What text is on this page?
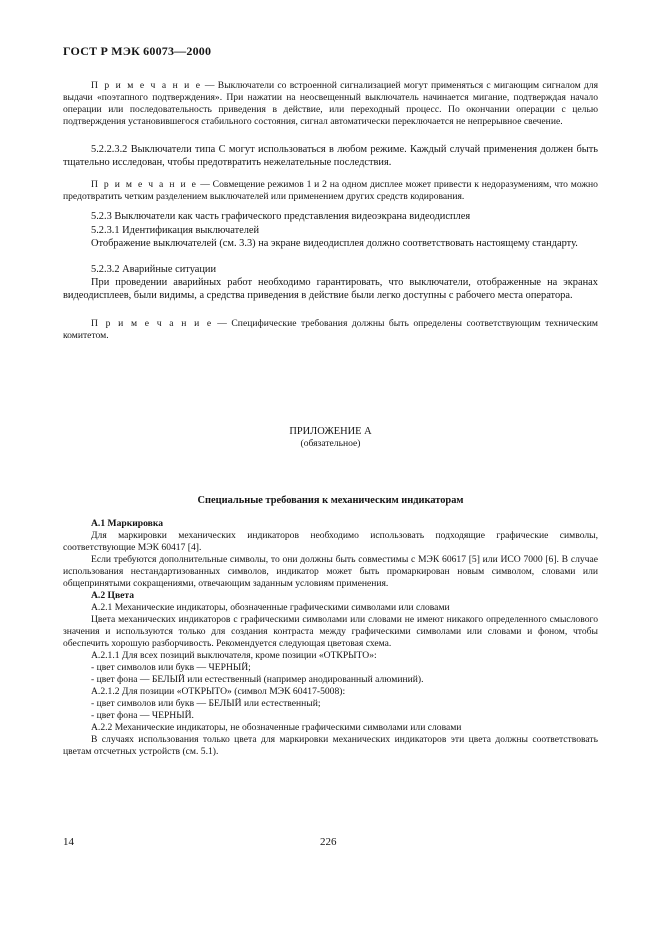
ГОСТ Р МЭК 60073—2000
П р и м е ч а н и е — Выключатели со встроенной сигнализацией могут применяться с мигающим сигналом для выдачи «поэтапного подтверждения». При нажатии на неосвещенный выключатель начинается мигание, подтверждая начало операции или последовательность приведения в действие, или переходный процесс. По окончании операции с целью подтверждения установившегося стабильного состояния, сигнал автоматически переключается не непрерывное свечение.
5.2.2.3.2 Выключатели типа С могут использоваться в любом режиме. Каждый случай применения должен быть тщательно исследован, чтобы предотвратить нежелательные последствия.
П р и м е ч а н и е — Совмещение режимов 1 и 2 на одном дисплее может привести к недоразумениям, что можно предотвратить четким разделением выключателей или применением других средств кодирования.
5.2.3 Выключатели как часть графического представления видеоэкрана видеодисплея
5.2.3.1 Идентификация выключателей
Отображение выключателей (см. 3.3) на экране видеодисплея должно соответствовать настоящему стандарту.
5.2.3.2 Аварийные ситуации
При проведении аварийных работ необходимо гарантировать, что выключатели, отображенные на экранах видеодисплеев, были видимы, а средства приведения в действие были легко доступны с рабочего места оператора.
П р и м е ч а н и е — Специфические требования должны быть определены соответствующим техническим комитетом.
ПРИЛОЖЕНИЕ А
(обязательное)
Специальные требования к механическим индикаторам
А.1 Маркировка
Для маркировки механических индикаторов необходимо использовать подходящие графические символы, соответствующие МЭК 60417 [4].
Если требуются дополнительные символы, то они должны быть совместимы с МЭК 60617 [5] или ИСО 7000 [6]. В случае использования нестандартизованных символов, индикатор может быть промаркирован новым символом, словами или общепринятыми сокращениями, отвечающим заданным условиям применения.
А.2 Цвета
А.2.1 Механические индикаторы, обозначенные графическими символами или словами
Цвета механических индикаторов с графическими символами или словами не имеют никакого определенного смыслового значения и используются только для создания контраста между графическими символами или словами и фоном, чтобы обеспечить хорошую разборчивость. Рекомендуется следующая цветовая схема.
А.2.1.1 Для всех позиций выключателя, кроме позиции «ОТКРЫТО»:
- цвет символов или букв — ЧЕРНЫЙ;
- цвет фона — БЕЛЫЙ или естественный (например анодированный алюминий).
А.2.1.2 Для позиции «ОТКРЫТО» (символ МЭК 60417-5008):
- цвет символов или букв — БЕЛЫЙ или естественный;
- цвет фона — ЧЕРНЫЙ.
А.2.2 Механические индикаторы, не обозначенные графическими символами или словами
В случаях использования только цвета для маркировки механических индикаторов эти цвета должны соответствовать цветам отсчетных устройств (см. 5.1).
14	226
